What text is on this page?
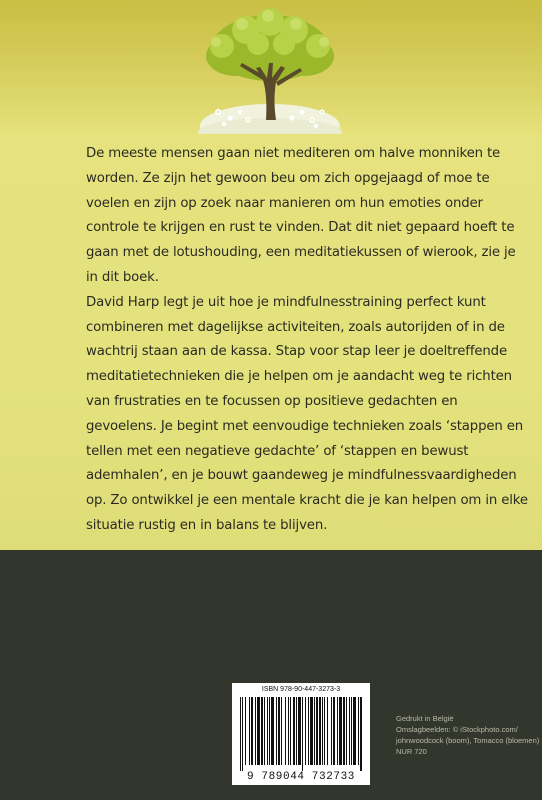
De meeste mensen gaan niet mediteren om halve monniken te worden. Ze zijn het gewoon beu om zich opgejaagd of moe te voelen en zijn op zoek naar manieren om hun emoties onder controle te krijgen en rust te vinden. Dat dit niet gepaard hoeft te gaan met de lotushouding, een meditatiekussen of wierook, zie je in dit boek.

David Harp legt je uit hoe je mindfulnesstraining perfect kunt combineren met dagelijkse activiteiten, zoals autorijden of in de wachtrij staan aan de kassa. Stap voor stap leer je doeltreffende meditatietechnieken die je helpen om je aandacht weg te richten van frustraties en te focussen op positieve gedachten en gevoelens. Je begint met eenvoudige technieken zoals ‘stappen en tellen met een negatieve gedachte’ of ‘stappen en bewust ademhalen’, en je bouwt gaandeweg je mindfulnessvaardigheden op. Zo ontwikkel je een mentale kracht die je kan helpen om in elke situatie rustig en in balans te blijven.

ISBN 978-90-447-3273-3
9 789044 732733
Gedrukt in België
Omslagbeelden: © iStockphoto.com/
johnwoodcock (boom), Tomacco (bloemen)
NUR 720
